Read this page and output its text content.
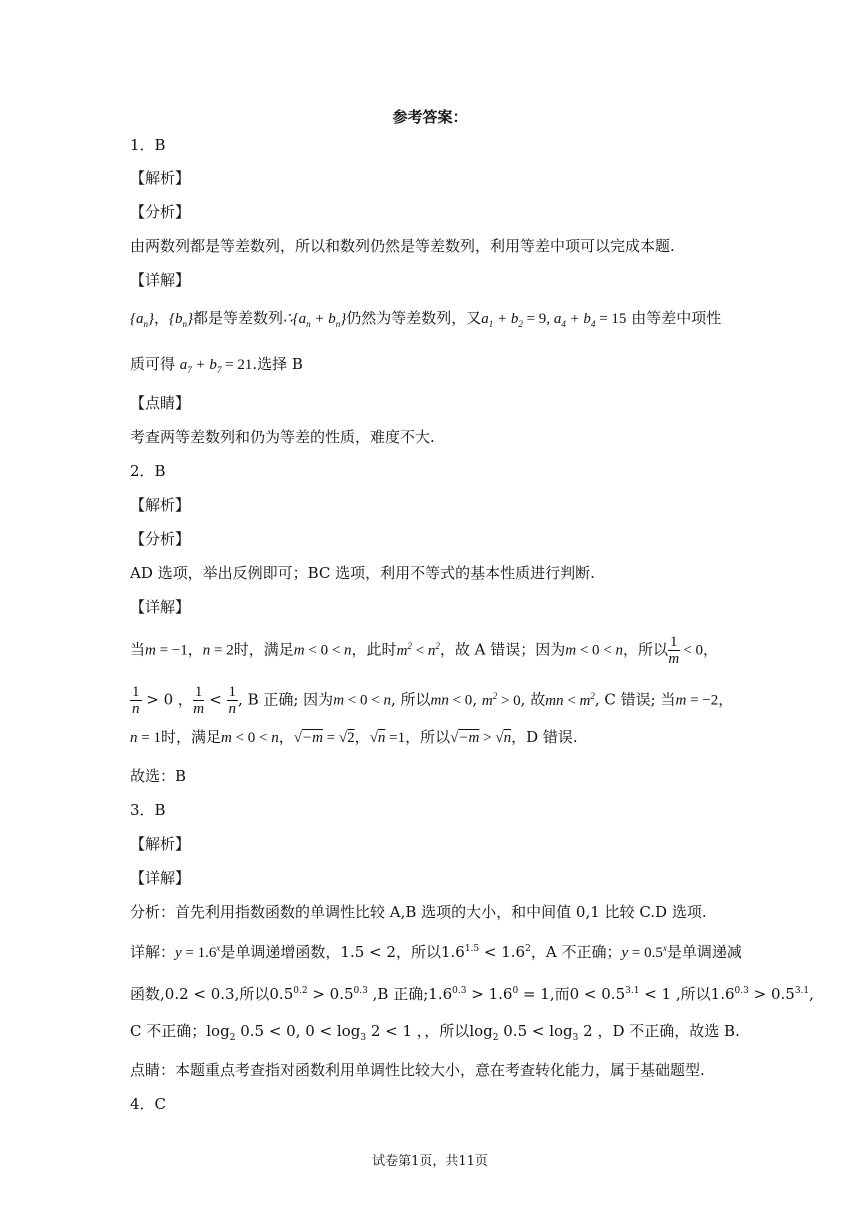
参考答案：
1．B
【解析】
【分析】
由两数列都是等差数列，所以和数列仍然是等差数列，利用等差中项可以完成本题.
【详解】
$\{a_n\}$，$\{b_n\}$都是等差数列$\therefore\{a_n + b_n\}$仍然为等差数列，又$a_1 + b_2 = 9$, $a_4 + b_4 = 15$ 由等差中项性
质可得 $a_7 + b_7 = 21$.选择 B
【点睛】
考查两等差数列和仍为等差的性质，难度不大.
2．B
【解析】
【分析】
AD 选项，举出反例即可；BC 选项，利用不等式的基本性质进行判断.
【详解】
当m = −1，n = 2时，满足m < 0 < n，此时$m^2 < n^2$，故 A 错误；因为m < 0 < n，所以 $\frac{1}{m} < 0$，
$\frac{1}{n} > 0$ ， $\frac{1}{m} < \frac{1}{n}$ , B 正确; 因为m < 0 < n, 所以mn < 0, $m^2 > 0$, 故mn < $m^2$, C 错误; 当m = −2，
n = 1时，满足m < 0 < n，√−m = √2，√n =1，所以√−m > √n，D 错误.
故选：B
3．B
【解析】
【详解】
分析：首先利用指数函数的单调性比较 A,B 选项的大小，和中间值 0,1 比较 C.D 选项.
详解：$y = 1.6^x$是单调递增函数，1.5 < 2，所以$1.6^{1.5} < 1.6^2$，A 不正确；$y = 0.5^x$是单调递减
函数,0.2 < 0.3,所以$0.5^{0.2} > 0.5^{0.3}$ ,B 正确$;1.6^{0.3} > 1.6^0 = 1$,而$0 < 0.5^{3.1} < 1$ ,所以$1.6^{0.3} > 0.5^{3.1}$,
C 不正确；$\log_2 0.5 < 0$, $0 < \log_3 2 < 1$ ，，所以$\log_2 0.5 < \log_3 2$ ，D 不正确，故选 B.
点睛：本题重点考查指对函数利用单调性比较大小，意在考查转化能力，属于基础题型.
4．C
试卷第1页，共11页
